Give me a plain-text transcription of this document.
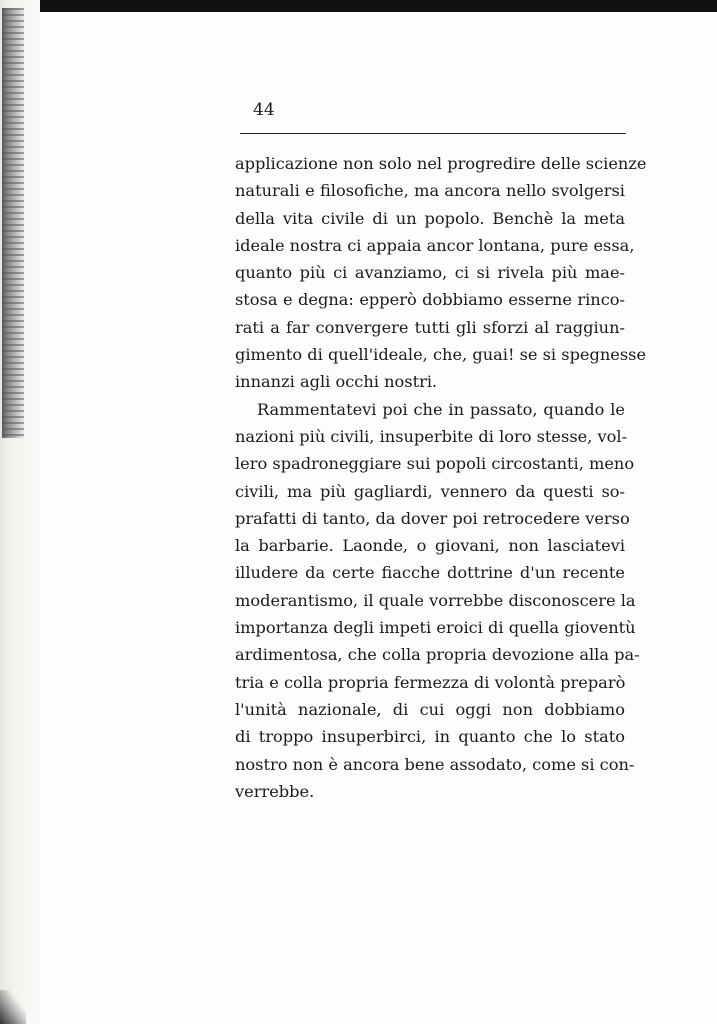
44
applicazione non solo nel progredire delle scienze
naturali e filosofiche, ma ancora nello svolgersi
della vita civile di un popolo. Benchè la meta
ideale nostra ci appaia ancor lontana, pure essa,
quanto più ci avanziamo, ci si rivela più mae-
stosa e degna: epperò dobbiamo esserne rinco-
rati a far convergere tutti gli sforzi al raggiun-
gimento di quell'ideale, che, guai! se si spegnesse
innanzi agli occhi nostri.
Rammentatevi poi che in passato, quando le
nazioni più civili, insuperbite di loro stesse, vol-
lero spadroneggiare sui popoli circostanti, meno
civili, ma più gagliardi, vennero da questi so-
prafatti di tanto, da dover poi retrocedere verso
la barbarie. Laonde, o giovani, non lasciatevi
illudere da certe fiacche dottrine d'un recente
moderantismo, il quale vorrebbe disconoscere la
importanza degli impeti eroici di quella gioventù
ardimentosa, che colla propria devozione alla pa-
tria e colla propria fermezza di volontà preparò
l'unità nazionale, di cui oggi non dobbiamo
di troppo insuperbirci, in quanto che lo stato
nostro non è ancora bene assodato, come si con-
verrebbe.
